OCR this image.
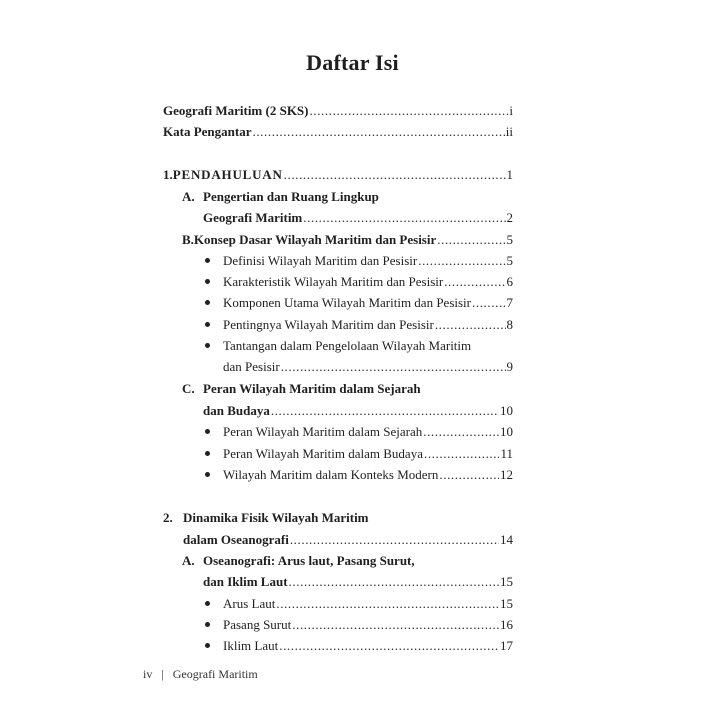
Daftar Isi
Geografi Maritim (2 SKS) .....	i
Kata Pengantar .....	ii
1. PENDAHULUAN .....	1
A. Pengertian dan Ruang Lingkup
Geografi Maritim .....	2
B. Konsep Dasar Wilayah Maritim dan Pesisir .....	5
Definisi Wilayah Maritim dan Pesisir .....	5
Karakteristik Wilayah Maritim dan Pesisir .....	6
Komponen Utama Wilayah Maritim dan Pesisir .....	7
Pentingnya Wilayah Maritim dan Pesisir .....	8
Tantangan dalam Pengelolaan Wilayah Maritim
dan Pesisir .....	9
C. Peran Wilayah Maritim dalam Sejarah
dan Budaya .....	10
Peran Wilayah Maritim dalam Sejarah .....	10
Peran Wilayah Maritim dalam Budaya .....	11
Wilayah Maritim dalam Konteks Modern .....	12
2. Dinamika Fisik Wilayah Maritim
dalam Oseanografi .....	14
A. Oseanografi: Arus laut, Pasang Surut,
dan Iklim Laut .....	15
Arus Laut .....	15
Pasang Surut .....	16
Iklim Laut .....	17
iv | Geografi Maritim
